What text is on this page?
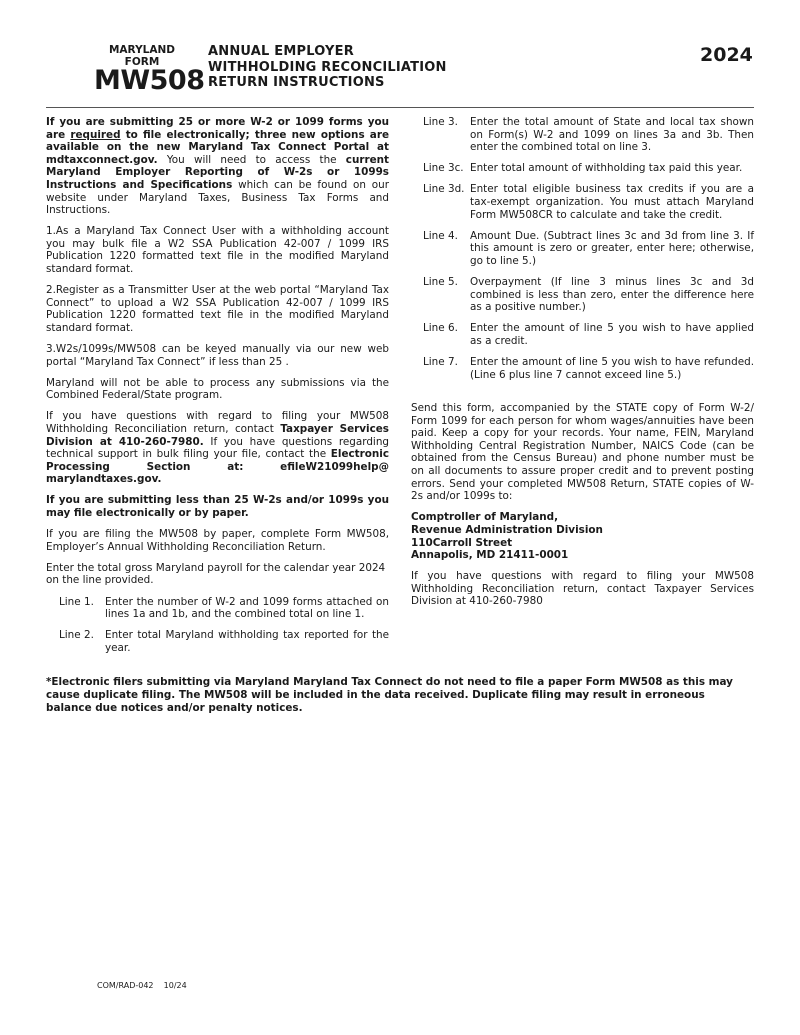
MARYLAND
FORM
MW508
ANNUAL EMPLOYER
WITHHOLDING RECONCILIATION
RETURN INSTRUCTIONS
2024

If you are submitting 25 or more W-2 or 1099 forms you are required to file electronically; three new options are available on the new Maryland Tax Connect Portal at mdtaxconnect.gov. You will need to access the current Maryland Employer Reporting of W-2s or 1099s Instructions and Specifications which can be found on our website under Maryland Taxes, Business Tax Forms and Instructions.

1.As a Maryland Tax Connect User with a withholding account you may bulk file a W2 SSA Publication 42-007 / 1099 IRS Publication 1220 formatted text file in the modified Maryland standard format.

2.Register as a Transmitter User at the web portal “Maryland Tax Connect” to upload a W2 SSA Publication 42-007 / 1099 IRS Publication 1220 formatted text file in the modified Maryland standard format.

3.W2s/1099s/MW508 can be keyed manually via our new web portal “Maryland Tax Connect” if less than 25 .

Maryland will not be able to process any submissions via the Combined Federal/State program.

If you have questions with regard to filing your MW508 Withholding Reconciliation return, contact Taxpayer Services Division at 410-260-7980. If you have questions regarding technical support in bulk filing your file, contact the Electronic Processing Section at: efileW21099help@ marylandtaxes.gov.

If you are submitting less than 25 W-2s and/or 1099s you may file electronically or by paper.

If you are filing the MW508 by paper, complete Form MW508, Employer’s Annual Withholding Reconciliation Return.

Enter the total gross Maryland payroll for the calendar year 2024 on the line provided.

Line 1.	Enter the number of W-2 and 1099 forms attached on lines 1a and 1b, and the combined total on line 1.
Line 2.	Enter total Maryland withholding tax reported for the year.
Line 3.	Enter the total amount of State and local tax shown on Form(s) W-2 and 1099 on lines 3a and 3b. Then enter the combined total on line 3.
Line 3c. Enter total amount of withholding tax paid this year.
Line 3d. Enter total eligible business tax credits if you are a tax-exempt organization. You must attach Maryland Form MW508CR to calculate and take the credit.
Line 4.	Amount Due. (Subtract lines 3c and 3d from line 3. If this amount is zero or greater, enter here; otherwise, go to line 5.)
Line 5.	Overpayment (If line 3 minus lines 3c and 3d combined is less than zero, enter the difference here as a positive number.)
Line 6.	Enter the amount of line 5 you wish to have applied as a credit.
Line 7.	Enter the amount of line 5 you wish to have refunded. (Line 6 plus line 7 cannot exceed line 5.)

Send this form, accompanied by the STATE copy of Form W-2/ Form 1099 for each person for whom wages/annuities have been paid. Keep a copy for your records. Your name, FEIN, Maryland Withholding Central Registration Number, NAICS Code (can be obtained from the Census Bureau) and phone number must be on all documents to assure proper credit and to prevent posting errors. Send your completed MW508 Return, STATE copies of W-2s and/or 1099s to:

Comptroller of Maryland,
Revenue Administration Division
110Carroll Street
Annapolis, MD 21411-0001

If you have questions with regard to filing your MW508 Withholding Reconciliation return, contact Taxpayer Services Division at 410-260-7980

*Electronic filers submitting via Maryland Maryland Tax Connect do not need to file a paper Form MW508 as this may cause duplicate filing. The MW508 will be included in the data received. Duplicate filing may result in erroneous balance due notices and/or penalty notices.
COM/RAD-042    10/24
